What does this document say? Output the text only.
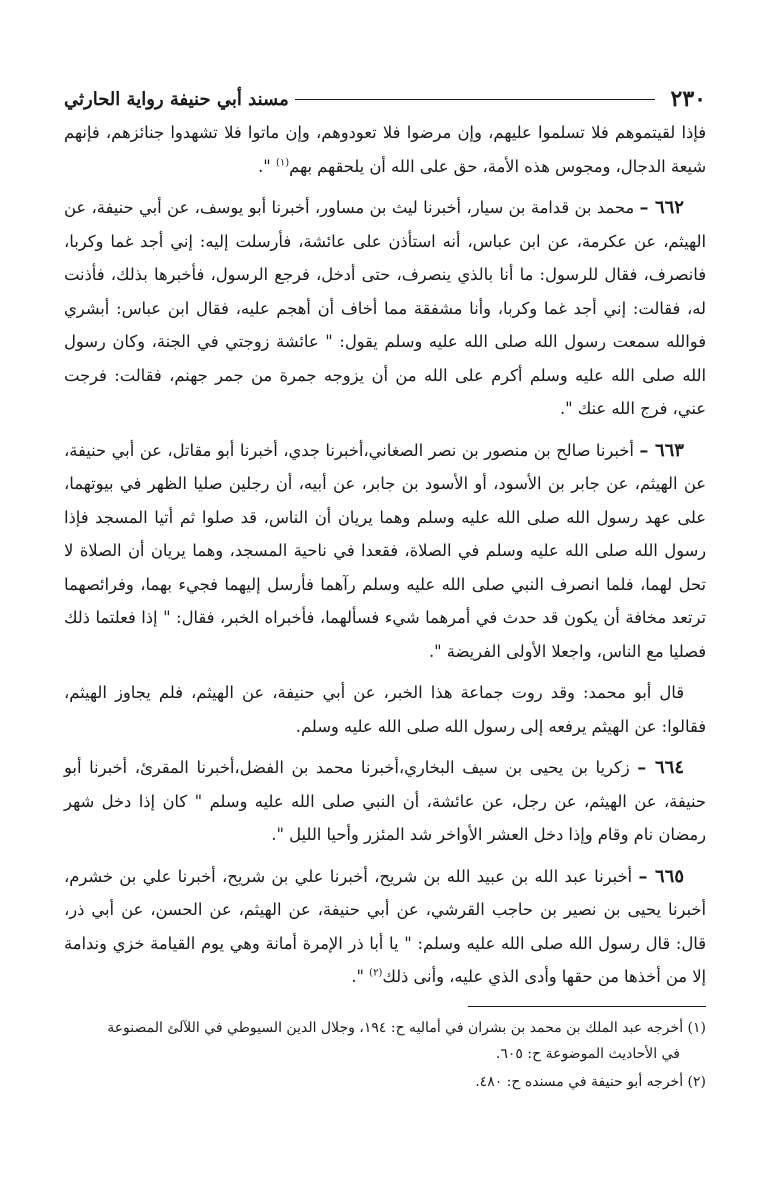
٢٣٠
مسند أبي حنيفة رواية الحارثي

فإذا لقيتموهم فلا تسلموا عليهم، وإن مرضوا فلا تعودوهم، وإن ماتوا فلا تشهدوا جنائزهم، فإنهم شيعة الدجال، ومجوس هذه الأمة، حق على الله أن يلحقهم بهم$^{(١)}$ ".

٦٦٢ – محمد بن قدامة بن سيار، أخبرنا ليث بن مساور، أخبرنا أبو يوسف، عن أبي حنيفة، عن الهيثم، عن عكرمة، عن ابن عباس، أنه استأذن على عائشة، فأرسلت إليه: إني أجد غما وكربا، فانصرف، فقال للرسول: ما أنا بالذي ينصرف، حتى أدخل، فرجع الرسول، فأخبرها بذلك، فأذنت له، فقالت: إني أجد غما وكربا، وأنا مشفقة مما أخاف أن أهجم عليه، فقال ابن عباس: أبشري فوالله سمعت رسول الله صلى الله عليه وسلم يقول: " عائشة زوجتي في الجنة، وكان رسول الله صلى الله عليه وسلم أكرم على الله من أن يزوجه جمرة من جمر جهنم، فقالت: فرجت عني، فرج الله عنك ".

٦٦٣ – أخبرنا صالح بن منصور بن نصر الصغاني،أخبرنا جدي، أخبرنا أبو مقاتل، عن أبي حنيفة، عن الهيثم، عن جابر بن الأسود، أو الأسود بن جابر، عن أبيه، أن رجلين صليا الظهر في بيوتهما، على عهد رسول الله صلى الله عليه وسلم وهما يريان أن الناس، قد صلوا ثم أتيا المسجد فإذا رسول الله صلى الله عليه وسلم في الصلاة، فقعدا في ناحية المسجد، وهما يريان أن الصلاة لا تحل لهما، فلما انصرف النبي صلى الله عليه وسلم رآهما فأرسل إليهما فجيء بهما، وفرائصهما ترتعد مخافة أن يكون قد حدث في أمرهما شيء فسألهما، فأخبراه الخبر، فقال: " إذا فعلتما ذلك فصليا مع الناس، واجعلا الأولى الفريضة ".

قال أبو محمد: وقد روت جماعة هذا الخبر، عن أبي حنيفة، عن الهيثم، فلم يجاوز الهيثم، فقالوا: عن الهيثم يرفعه إلى رسول الله صلى الله عليه وسلم.

٦٦٤ – زكريا بن يحيى بن سيف البخاري،أخبرنا محمد بن الفضل،أخبرنا المقرئ، أخبرنا أبو حنيفة، عن الهيثم، عن رجل، عن عائشة، أن النبي صلى الله عليه وسلم " كان إذا دخل شهر رمضان نام وقام وإذا دخل العشر الأواخر شد المئزر وأحيا الليل ".

٦٦٥ – أخبرنا عبد الله بن عبيد الله بن شريح، أخبرنا علي بن شريح، أخبرنا علي بن خشرم، أخبرنا يحيى بن نصير بن حاجب القرشي، عن أبي حنيفة، عن الهيثم، عن الحسن، عن أبي ذر، قال: قال رسول الله صلى الله عليه وسلم: " يا أبا ذر الإمرة أمانة وهي يوم القيامة خزي وندامة إلا من أخذها من حقها وأدى الذي عليه، وأنى ذلك$^{(٢)}$ ".

(١) أخرجه عبد الملك بن محمد بن بشران في أماليه ح: ١٩٤، وجلال الدين السيوطي في اللآلئ المصنوعة
في الأحاديث الموضوعة ح: ٦٠٥.

(٢) أخرجه أبو حنيفة في مسنده ح: ٤٨٠.
